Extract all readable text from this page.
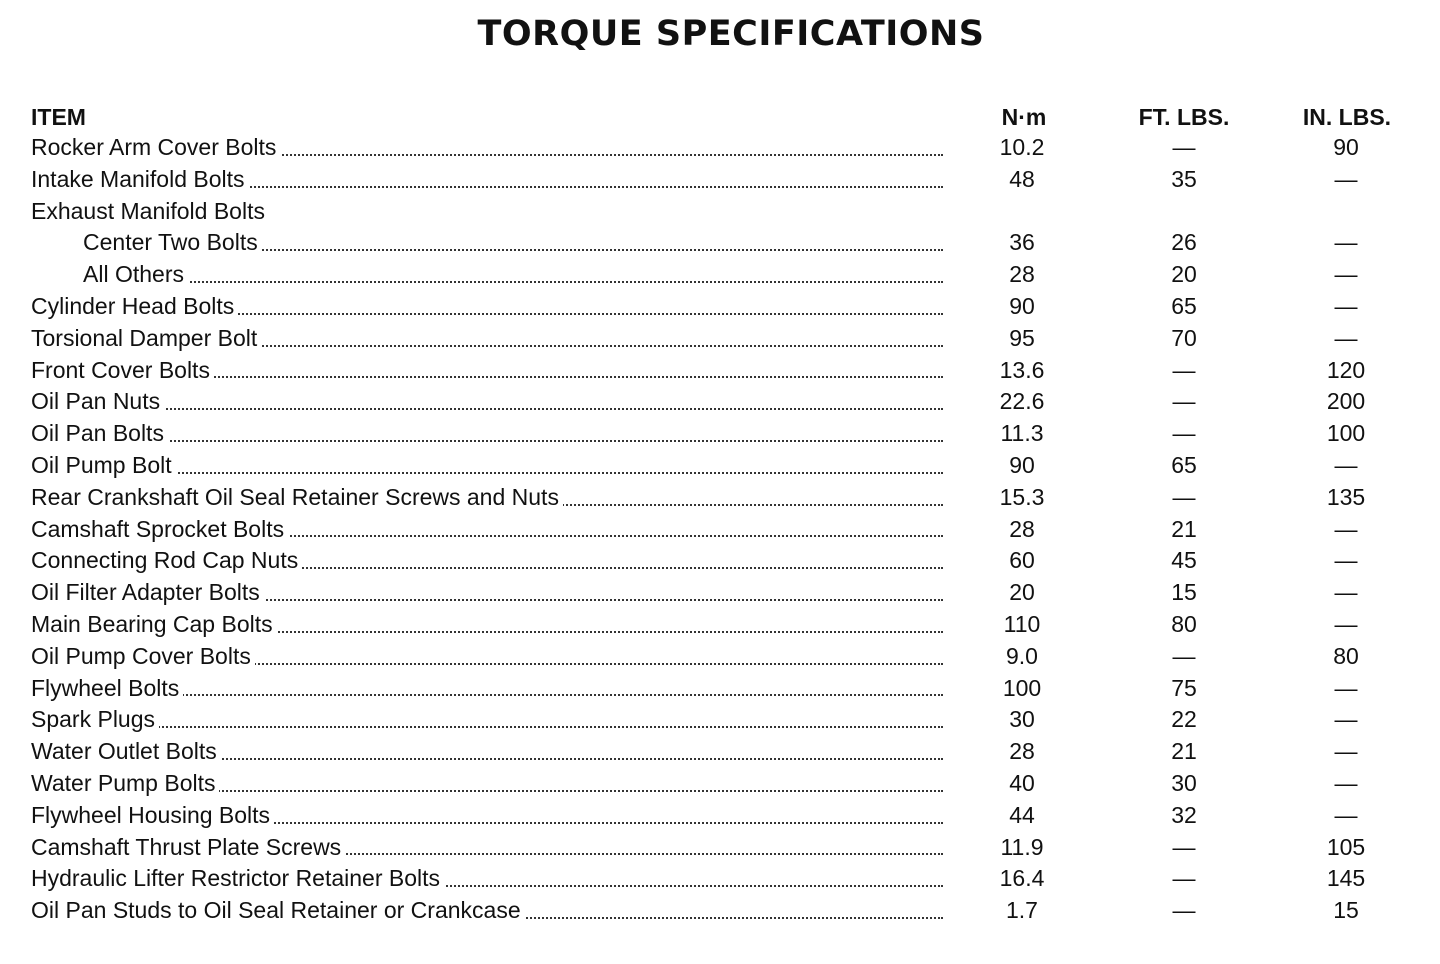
TORQUE SPECIFICATIONS
ITEM	N·m	FT. LBS.	IN. LBS.
Rocker Arm Cover Bolts	10.2	—	90
Intake Manifold Bolts	48	35	—
Exhaust Manifold Bolts
Center Two Bolts	36	26	—
All Others	28	20	—
Cylinder Head Bolts	90	65	—
Torsional Damper Bolt	95	70	—
Front Cover Bolts	13.6	—	120
Oil Pan Nuts	22.6	—	200
Oil Pan Bolts	11.3	—	100
Oil Pump Bolt	90	65	—
Rear Crankshaft Oil Seal Retainer Screws and Nuts	15.3	—	135
Camshaft Sprocket Bolts	28	21	—
Connecting Rod Cap Nuts	60	45	—
Oil Filter Adapter Bolts	20	15	—
Main Bearing Cap Bolts	110	80	—
Oil Pump Cover Bolts	9.0	—	80
Flywheel Bolts	100	75	—
Spark Plugs	30	22	—
Water Outlet Bolts	28	21	—
Water Pump Bolts	40	30	—
Flywheel Housing Bolts	44	32	—
Camshaft Thrust Plate Screws	11.9	—	105
Hydraulic Lifter Restrictor Retainer Bolts	16.4	—	145
Oil Pan Studs to Oil Seal Retainer or Crankcase	1.7	—	15
